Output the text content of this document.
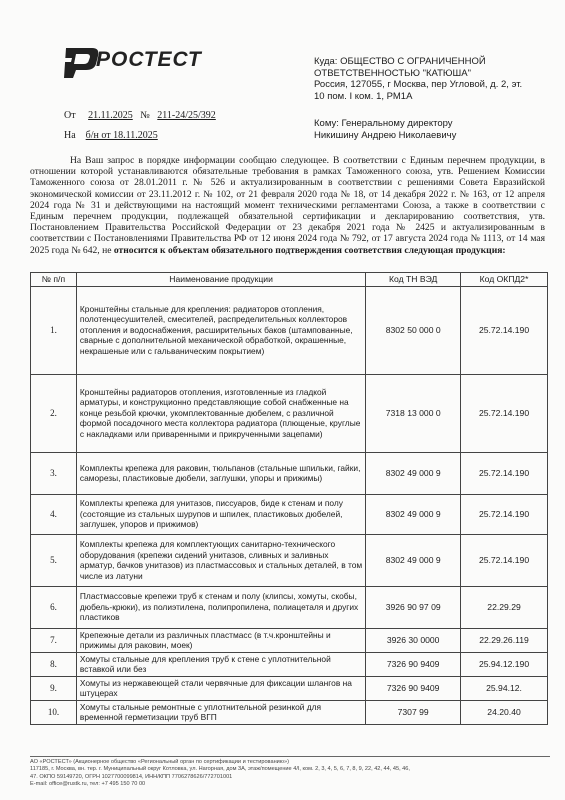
РОСТЕСТ	Куда: ОБЩЕСТВО С ОГРАНИЧЕННОЙ
ОТВЕТСТВЕННОСТЬЮ "КАТЮША"
Россия, 127055, г Москва, пер Угловой, д. 2, эт.
10 пом. I ком. 1, РМ1А
Кому: Генеральному директору
Никишину Андрею Николаевичу
От 21.11.2025 № 211-24/25/392
На б/н от 18.11.2025

На Ваш запрос в порядке информации сообщаю следующее. В соответствии с Единым перечнем продукции, в отношении которой устанавливаются обязательные требования в рамках Таможенного союза, утв. Решением Комиссии Таможенного союза от 28.01.2011 г. № 526 и актуализированным в соответствии с решениями Совета Евразийской экономической комиссии от 23.11.2012 г. № 102, от 21 февраля 2020 года № 18, от 14 декабря 2022 г. № 163, от 12 апреля 2024 года № 31 и действующими на настоящий момент техническими регламентами Союза, а также в соответствии с Единым перечнем продукции, подлежащей обязательной сертификации и декларированию соответствия, утв. Постановлением Правительства Российской Федерации от 23 декабря 2021 года № 2425 и актуализированным в соответствии с Постановлениями Правительства РФ от 12 июня 2024 года № 792, от 17 августа 2024 года № 1113, от 14 мая 2025 года № 642, не относится к объектам обязательного подтверждения соответствия следующая продукция:

№ п/п	Наименование продукции	Код ТН ВЭД	Код ОКПД2*
1.	Кронштейны стальные для крепления: радиаторов отопления, полотенцесушителей, смесителей, распределительных коллекторов отопления и водоснабжения, расширительных баков (штампованные, сварные с дополнительной механической обработкой, окрашенные, некрашеные или с гальваническим покрытием)	8302 50 000 0	25.72.14.190
2.	Кронштейны радиаторов отопления, изготовленные из гладкой арматуры, и конструкционно представляющие собой снабженные на конце резьбой крючки, укомплектованные дюбелем, с различной формой посадочного места коллектора радиатора (плющеные, круглые с накладками или приваренными и прикрученными зацепами)	7318 13 000 0	25.72.14.190
3.	Комплекты крепежа для раковин, тюльпанов (стальные шпильки, гайки, саморезы, пластиковые дюбели, заглушки, упоры и прижимы)	8302 49 000 9	25.72.14.190
4.	Комплекты крепежа для унитазов, писсуаров, биде к стенам и полу (состоящие из стальных шурупов и шпилек, пластиковых дюбелей, заглушек, упоров и прижимов)	8302 49 000 9	25.72.14.190
5.	Комплекты крепежа для комплектующих санитарно-технического оборудования (крепежи сидений унитазов, сливных и заливных арматур, бачков унитазов) из пластмассовых и стальных деталей, в том числе из латуни	8302 49 000 9	25.72.14.190
6.	Пластмассовые крепежи труб к стенам и полу (клипсы, хомуты, скобы, дюбель-крюки), из полиэтилена, полипропилена, полиацеталя и других пластиков	3926 90 97 09	22.29.29
7.	Крепежные детали из различных пластмасс (в т.ч.кронштейны и прижимы для раковин, моек)	3926 30 0000	22.29.26.119
8.	Хомуты стальные для крепления труб к стене с уплотнительной вставкой или без	7326 90 9409	25.94.12.190
9.	Хомуты из нержавеющей стали червячные для фиксации шлангов на штуцерах	7326 90 9409	25.94.12.
10.	Хомуты стальные ремонтные с уплотнительной резинкой для временной герметизации труб ВГП	7307 99	24.20.40
АО «РОСТЕСТ» (Акционерное общество «Региональный орган по сертификации и тестированию»)
117185, г. Москва, вн. тер. г. Муниципальный округ Котловка, ул. Нагорная, дом 3А, этаж/помещение 4/I, ком. 2, 3, 4, 5, 6, 7, 8, 9, 22, 42, 44, 45, 46,
47. ОКПО 59149720, ОГРН 1027700099814, ИНН/КПП 7706278626/772701001
E-mail: office@rustk.ru, тел: +7 495 150 70 00
